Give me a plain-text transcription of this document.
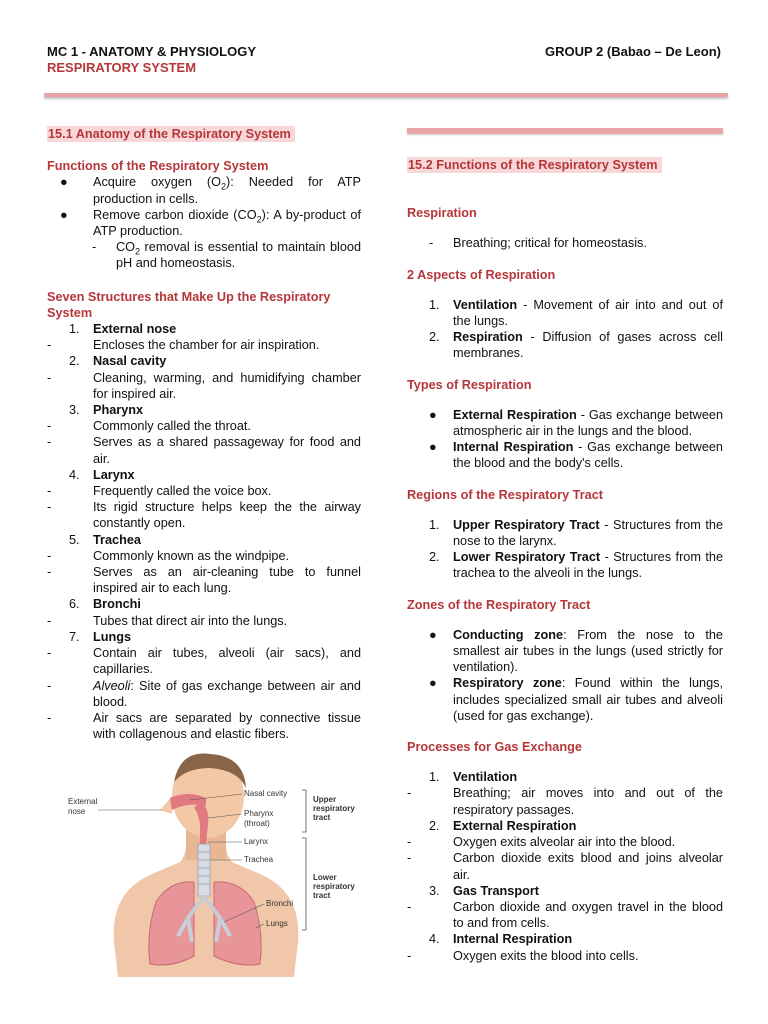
MC 1 - ANATOMY & PHYSIOLOGY
RESPIRATORY SYSTEM
GROUP 2 (Babao – De Leon)
15.1 Anatomy of the Respiratory System
Functions of the Respiratory System
●	Acquire oxygen $(O_2)$: Needed for ATP production in cells.
●	Remove carbon dioxide $(CO_2)$: A by-product of ATP production.
-	$CO_2$ removal is essential to maintain blood pH and homeostasis.
Seven Structures that Make Up the Respiratory System
1.	External nose
-	Encloses the chamber for air inspiration.
2.	Nasal cavity
-	Cleaning, warming, and humidifying chamber for inspired air.
3.	Pharynx
-	Commonly called the throat.
-	Serves as a shared passageway for food and air.
4.	Larynx
-	Frequently called the voice box.
-	Its rigid structure helps keep the the airway constantly open.
5.	Trachea
-	Commonly known as the windpipe.
-	Serves as an air-cleaning tube to funnel inspired air to each lung.
6.	Bronchi
-	Tubes that direct air into the lungs.
7.	Lungs
-	Contain air tubes, alveoli (air sacs), and capillaries.
-	Alveoli: Site of gas exchange between air and blood.
-	Air sacs are separated by connective tissue with collagenous and elastic fibers.
External
nose
Nasal cavity
Pharynx
(throat)
Larynx
Trachea
Bronchi
Lungs
Upper
respiratory
tract
Lower
respiratory
tract
15.2 Functions of the Respiratory System
Respiration
-	Breathing; critical for homeostasis.
2 Aspects of Respiration
1.	Ventilation - Movement of air into and out of the lungs.
2.	Respiration - Diffusion of gases across cell membranes.
Types of Respiration
●	External Respiration - Gas exchange between atmospheric air in the lungs and the blood.
●	Internal Respiration - Gas exchange between the blood and the body's cells.
Regions of the Respiratory Tract
1.	Upper Respiratory Tract - Structures from the nose to the larynx.
2.	Lower Respiratory Tract - Structures from the trachea to the alveoli in the lungs.
Zones of the Respiratory Tract
●	Conducting zone: From the nose to the smallest air tubes in the lungs (used strictly for ventilation).
●	Respiratory zone: Found within the lungs, includes specialized small air tubes and alveoli (used for gas exchange).
Processes for Gas Exchange
1.	Ventilation
-	Breathing; air moves into and out of the respiratory passages.
2.	External Respiration
-	Oxygen exits alveolar air into the blood.
-	Carbon dioxide exits blood and joins alveolar air.
3.	Gas Transport
-	Carbon dioxide and oxygen travel in the blood to and from cells.
4.	Internal Respiration
-	Oxygen exits the blood into cells.
